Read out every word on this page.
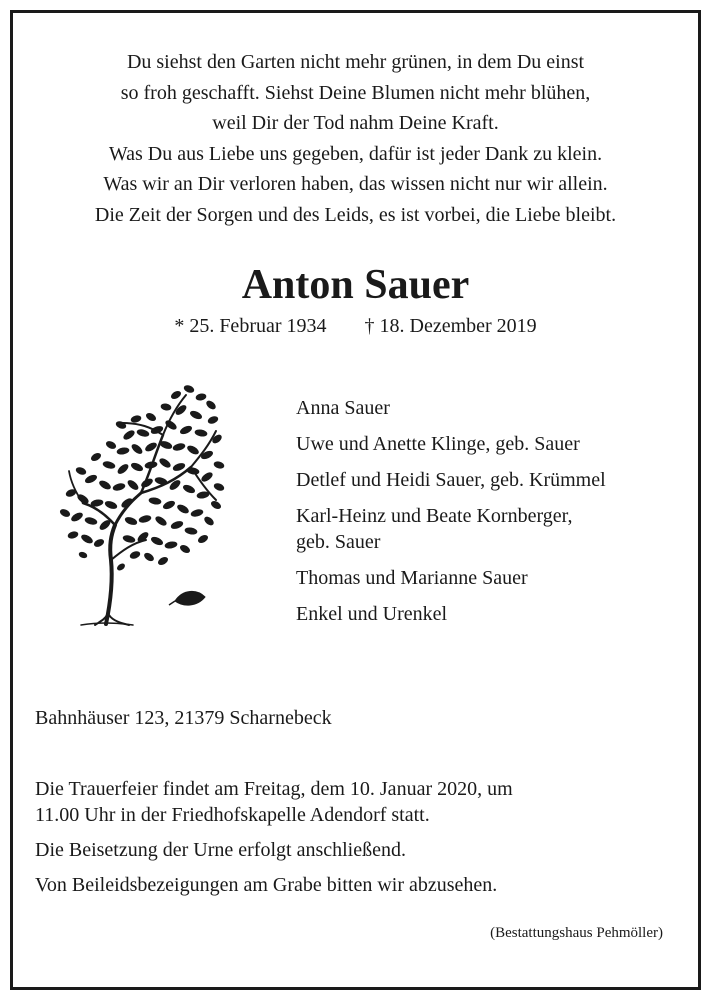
Du siehst den Garten nicht mehr grünen, in dem Du einst
so froh geschafft. Siehst Deine Blumen nicht mehr blühen,
weil Dir der Tod nahm Deine Kraft.
Was Du aus Liebe uns gegeben, dafür ist jeder Dank zu klein.
Was wir an Dir verloren haben, das wissen nicht nur wir allein.
Die Zeit der Sorgen und des Leids, es ist vorbei, die Liebe bleibt.
Anton Sauer
* 25. Februar 1934 † 18. Dezember 2019
Anna Sauer
Uwe und Anette Klinge, geb. Sauer
Detlef und Heidi Sauer, geb. Krümmel
Karl-Heinz und Beate Kornberger,
geb. Sauer
Thomas und Marianne Sauer
Enkel und Urenkel
Bahnhäuser 123, 21379 Scharnebeck
Die Trauerfeier findet am Freitag, dem 10. Januar 2020, um
11.00 Uhr in der Friedhofskapelle Adendorf statt.
Die Beisetzung der Urne erfolgt anschließend.
Von Beileidsbezeigungen am Grabe bitten wir abzusehen.
(Bestattungshaus Pehmöller)
